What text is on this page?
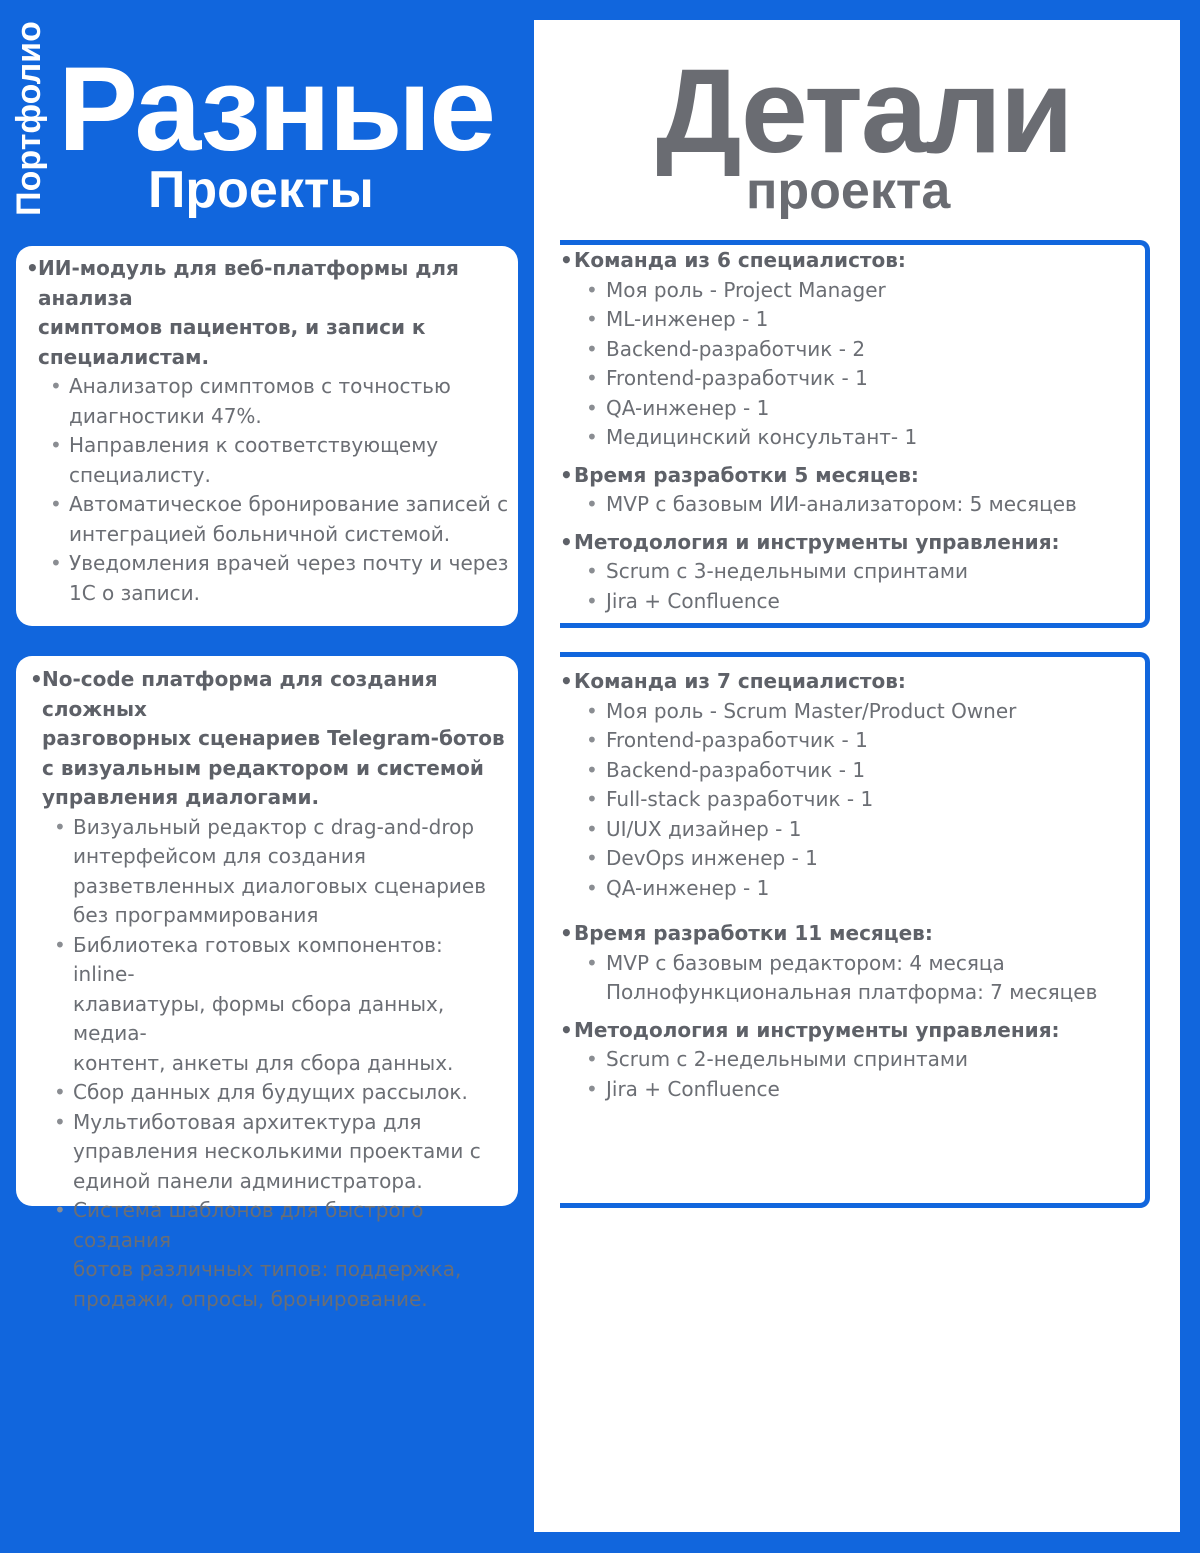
Портфолио Разные
Проекты
Детали
проекта
• ИИ-модуль для веб-платформы для анализа
симптомов пациентов, и записи к
специалистам.
• Анализатор симптомов с точностью
диагностики 47%.
• Направления к соответствующему
специалисту.
• Автоматическое бронирование записей с
интеграцией больничной системой.
• Уведомления врачей через почту и через
1С о записи.
• No-code платформа для создания сложных
разговорных сценариев Telegram-ботов
с визуальным редактором и системой
управления диалогами.
• Визуальный редактор с drag-and-drop
интерфейсом для создания
разветвленных диалоговых сценариев
без программирования
• Библиотека готовых компонентов: inline-
клавиатуры, формы сбора данных, медиа-
контент, анкеты для сбора данных.
• Сбор данных для будущих рассылок.
• Мультиботовая архитектура для
управления несколькими проектами с
единой панели администратора.
• Система шаблонов для быстрого создания
ботов различных типов: поддержка,
продажи, опросы, бронирование.
• Команда из 6 специалистов:
• Моя роль - Project Manager
• ML-инженер - 1
• Backend-разработчик - 2
• Frontend-разработчик - 1
• QA-инженер - 1
• Медицинский консультант- 1
• Время разработки 5 месяцев:
• MVP с базовым ИИ-анализатором: 5 месяцев
• Методология и инструменты управления:
• Scrum с 3-недельными спринтами
• Jira + Confluence
• Команда из 7 специалистов:
• Моя роль - Scrum Master/Product Owner
• Frontend-разработчик - 1
• Backend-разработчик - 1
• Full-stack разработчик - 1
• UI/UX дизайнер - 1
• DevOps инженер - 1
• QA-инженер - 1
• Время разработки 11 месяцев:
• MVP с базовым редактором: 4 месяца
Полнофункциональная платформа: 7 месяцев
• Методология и инструменты управления:
• Scrum с 2-недельными спринтами
• Jira + Confluence
